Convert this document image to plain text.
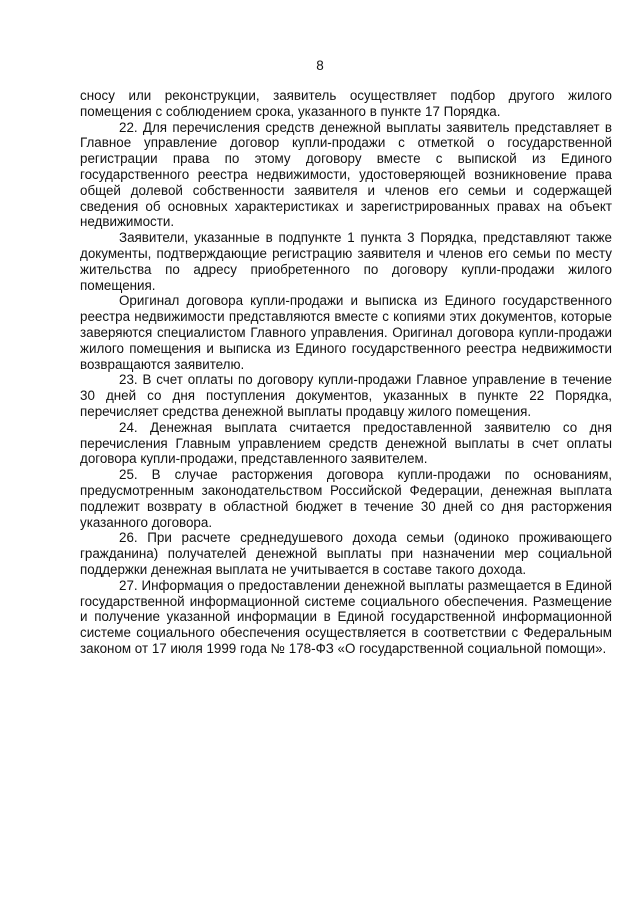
8

сносу или реконструкции, заявитель осуществляет подбор другого жилого помещения с соблюдением срока, указанного в пункте 17 Порядка.

22. Для перечисления средств денежной выплаты заявитель представляет в Главное управление договор купли-продажи с отметкой о государственной регистрации права по этому договору вместе с выпиской из Единого государственного реестра недвижимости, удостоверяющей возникновение права общей долевой собственности заявителя и членов его семьи и содержащей сведения об основных характеристиках и зарегистрированных правах на объект недвижимости.

Заявители, указанные в подпункте 1 пункта 3 Порядка, представляют также документы, подтверждающие регистрацию заявителя и членов его семьи по месту жительства по адресу приобретенного по договору купли-продажи жилого помещения.

Оригинал договора купли-продажи и выписка из Единого государственного реестра недвижимости представляются вместе с копиями этих документов, которые заверяются специалистом Главного управления. Оригинал договора купли-продажи жилого помещения и выписка из Единого государственного реестра недвижимости возвращаются заявителю.

23. В счет оплаты по договору купли-продажи Главное управление в течение 30 дней со дня поступления документов, указанных в пункте 22 Порядка, перечисляет средства денежной выплаты продавцу жилого помещения.

24. Денежная выплата считается предоставленной заявителю со дня перечисления Главным управлением средств денежной выплаты в счет оплаты договора купли-продажи, представленного заявителем.

25. В случае расторжения договора купли-продажи по основаниям, предусмотренным законодательством Российской Федерации, денежная выплата подлежит возврату в областной бюджет в течение 30 дней со дня расторжения указанного договора.

26. При расчете среднедушевого дохода семьи (одиноко проживающего гражданина) получателей денежной выплаты при назначении мер социальной поддержки денежная выплата не учитывается в составе такого дохода.

27. Информация о предоставлении денежной выплаты размещается в Единой государственной информационной системе социального обеспечения. Размещение и получение указанной информации в Единой государственной информационной системе социального обеспечения осуществляется в соответствии с Федеральным законом от 17 июля 1999 года № 178-ФЗ «О государственной социальной помощи».
